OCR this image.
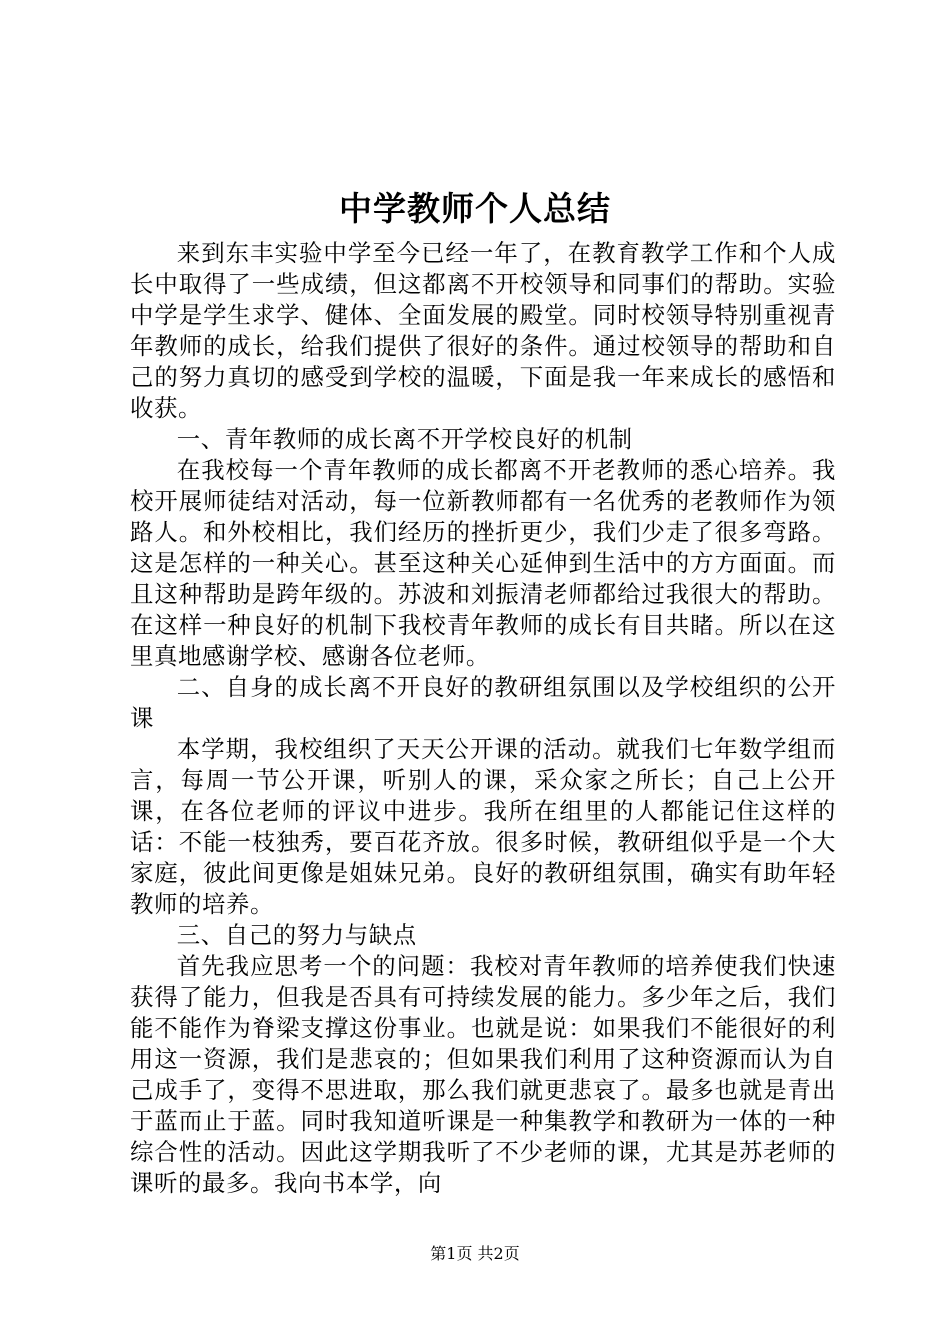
中学教师个人总结

来到东丰实验中学至今已经一年了，在教育教学工作和个人成长中取得了一些成绩，但这都离不开校领导和同事们的帮助。实验中学是学生求学、健体、全面发展的殿堂。同时校领导特别重视青年教师的成长，给我们提供了很好的条件。通过校领导的帮助和自己的努力真切的感受到学校的温暖，下面是我一年来成长的感悟和收获。

一、青年教师的成长离不开学校良好的机制

在我校每一个青年教师的成长都离不开老教师的悉心培养。我校开展师徒结对活动，每一位新教师都有一名优秀的老教师作为领路人。和外校相比，我们经历的挫折更少，我们少走了很多弯路。这是怎样的一种关心。甚至这种关心延伸到生活中的方方面面。而且这种帮助是跨年级的。苏波和刘振清老师都给过我很大的帮助。在这样一种良好的机制下我校青年教师的成长有目共睹。所以在这里真地感谢学校、感谢各位老师。

二、自身的成长离不开良好的教研组氛围以及学校组织的公开课

本学期，我校组织了天天公开课的活动。就我们七年数学组而言，每周一节公开课，听别人的课，采众家之所长；自己上公开课，在各位老师的评议中进步。我所在组里的人都能记住这样的话：不能一枝独秀，要百花齐放。很多时候，教研组似乎是一个大家庭，彼此间更像是姐妹兄弟。良好的教研组氛围，确实有助年轻教师的培养。

三、自己的努力与缺点

首先我应思考一个的问题：我校对青年教师的培养使我们快速获得了能力，但我是否具有可持续发展的能力。多少年之后，我们能不能作为脊梁支撑这份事业。也就是说：如果我们不能很好的利用这一资源，我们是悲哀的；但如果我们利用了这种资源而认为自己成手了，变得不思进取，那么我们就更悲哀了。最多也就是青出于蓝而止于蓝。同时我知道听课是一种集教学和教研为一体的一种综合性的活动。因此这学期我听了不少老师的课，尤其是苏老师的课听的最多。我向书本学，向

第1页 共2页
